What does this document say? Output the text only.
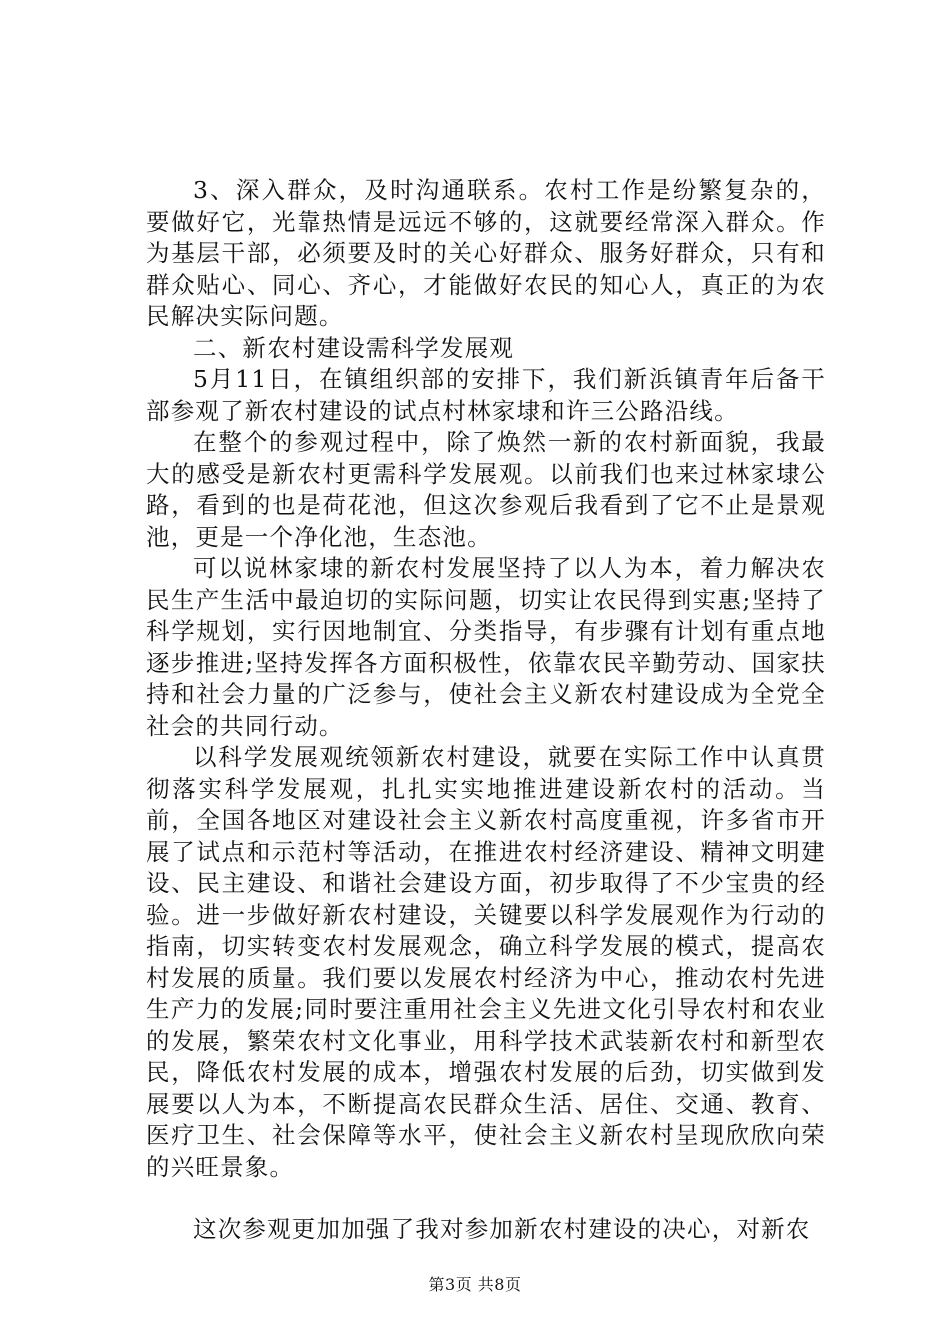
3、深入群众，及时沟通联系。农村工作是纷繁复杂的，要做好它，光靠热情是远远不够的，这就要经常深入群众。作为基层干部，必须要及时的关心好群众、服务好群众，只有和群众贴心、同心、齐心，才能做好农民的知心人，真正的为农民解决实际问题。

二、新农村建设需科学发展观

5月11日，在镇组织部的安排下，我们新浜镇青年后备干部参观了新农村建设的试点村林家埭和许三公路沿线。

在整个的参观过程中，除了焕然一新的农村新面貌，我最大的感受是新农村更需科学发展观。以前我们也来过林家埭公路，看到的也是荷花池，但这次参观后我看到了它不止是景观池，更是一个净化池，生态池。

可以说林家埭的新农村发展坚持了以人为本，着力解决农民生产生活中最迫切的实际问题，切实让农民得到实惠;坚持了科学规划，实行因地制宜、分类指导，有步骤有计划有重点地逐步推进;坚持发挥各方面积极性，依靠农民辛勤劳动、国家扶持和社会力量的广泛参与，使社会主义新农村建设成为全党全社会的共同行动。

以科学发展观统领新农村建设，就要在实际工作中认真贯彻落实科学发展观，扎扎实实地推进建设新农村的活动。当前，全国各地区对建设社会主义新农村高度重视，许多省市开展了试点和示范村等活动，在推进农村经济建设、精神文明建设、民主建设、和谐社会建设方面，初步取得了不少宝贵的经验。进一步做好新农村建设，关键要以科学发展观作为行动的指南，切实转变农村发展观念，确立科学发展的模式，提高农村发展的质量。我们要以发展农村经济为中心，推动农村先进生产力的发展;同时要注重用社会主义先进文化引导农村和农业的发展，繁荣农村文化事业，用科学技术武装新农村和新型农民，降低农村发展的成本，增强农村发展的后劲，切实做到发展要以人为本，不断提高农民群众生活、居住、交通、教育、医疗卫生、社会保障等水平，使社会主义新农村呈现欣欣向荣的兴旺景象。

这次参观更加加强了我对参加新农村建设的决心，对新农

第3页 共8页
